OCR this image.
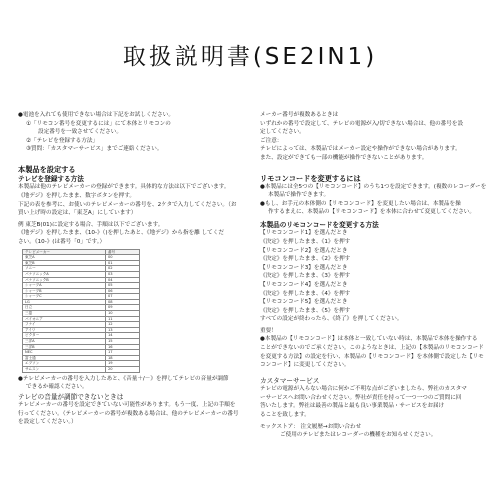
取扱説明書(SE2IN1)
●電池を入れても使用できない場合は下記をお試しください。
①「リモコン番号を変更するには」にて本体とリモコンの
設定番号を一致させてください。
②「テレビを登録する方法」
③質問：「カスタマーサービス」までご連絡ください。
本製品を設定する
テレビを登録する方法
本製品は他のテレビメーカーの登録ができます。具体的な方法は以下でございます。
《地デジ》を押したまま、数字ボタンを押す。
下記の表を参考に、お使いのテレビメーカーの番号を、2ケタで入力してください。（お
買い上げ時の設定は、「東芝A」にしています）
例 東芝B(01)に設定する場合、手順は以下でございます。
《地デジ》を押したまま、《10-》（)を押したあと、《地デジ》から指を離 してくだ
さい。《10-》(は番号「0」です。）
テレビメーカー	番号
東芝A	00
東芝B	01
ソニー	02
パナソニックA	03
パナソニックB	04
シャープA	05
シャープB	06
シャープC	07
LG	08
日立	09
三菱	10
パイオニア	11
フナイ	12
アイワ	13
ビクター	14
三洋A	15
三洋B	16
NEC	17
富士通	18
エプソン	19
サムスン	20
●テレビメーカーの番号を入力したあと、《音量＋/－》を押してテレビの音量が調節
できるか確認ください。
テレビの音量が調節できないときは
テレビメーカーの番号を設定できていない可能性があります。もう一度、上記の手順を
行ってください。（テレビメーカーの番号が複数ある場合は、他のテレビメーカーの番号
を設定してください。）
メーカー番号が複数あるときは
いずれかの番号で設定して、テレビの電源が入/切できない場合は、他の番号を設
定してください。
ご注意：
テレビによっては、本製品ではメーカー設定や操作ができない場合があります。
また、設定ができても一部の機能が操作できないことがあります。
リモコンコードを変更するには
●本製品には全5つの【リモコンコード】のうち1つを設定できます。(複数のレコーダーを
本製品で操作できます。
●もし、お手元の本体側の【リモコンコード】を変更したい場合は、本製品を操
作するまえに、本製品の【リモコンコード】を本体に合わせて変更してください。
本製品のリモコンコードを変更する方法
【リモコンコード1】を選んだとき
《決定》を押したまま、《1》を押す
【リモコンコード2】を選んだとき
《決定》を押したまま、《2》を押す
【リモコンコード3】を選んだとき
《決定》を押したまま、《3》を押す
【リモコンコード4】を選んだとき
《決定》を押したまま、《4》を押す
【リモコンコード5】を選んだとき
《決定》を押したまま、《5》を押す
すべての設定が終わったら、《終了》を押してください。
重要！
●本製品の【リモコンコード】は本体と一致していない時は、本製品で本体を操作する
ことができないのでご承ください。このようなときは、上記の【本製品のリモコンコード
を変更する方法】の設定を行い、本製品の【リモコンコード】を本体側で設定した【リモ
コンコード】に変更してください。
カスタマーサービス
テレビの電源が入らない場合に何かご不明な点がございましたら、弊社のカスタマ
ーサービスへお問い合わせください。弊社が責任を持って一つ一つのご質問に回
答いたします。弊社は最善の製品と最も良い事業製品・サービスをお届け
ることを致します。
モックストア： 注文履歴→お問い合わせ
ご使用のテレビまたはレコーダーの機種をお知らせください。
